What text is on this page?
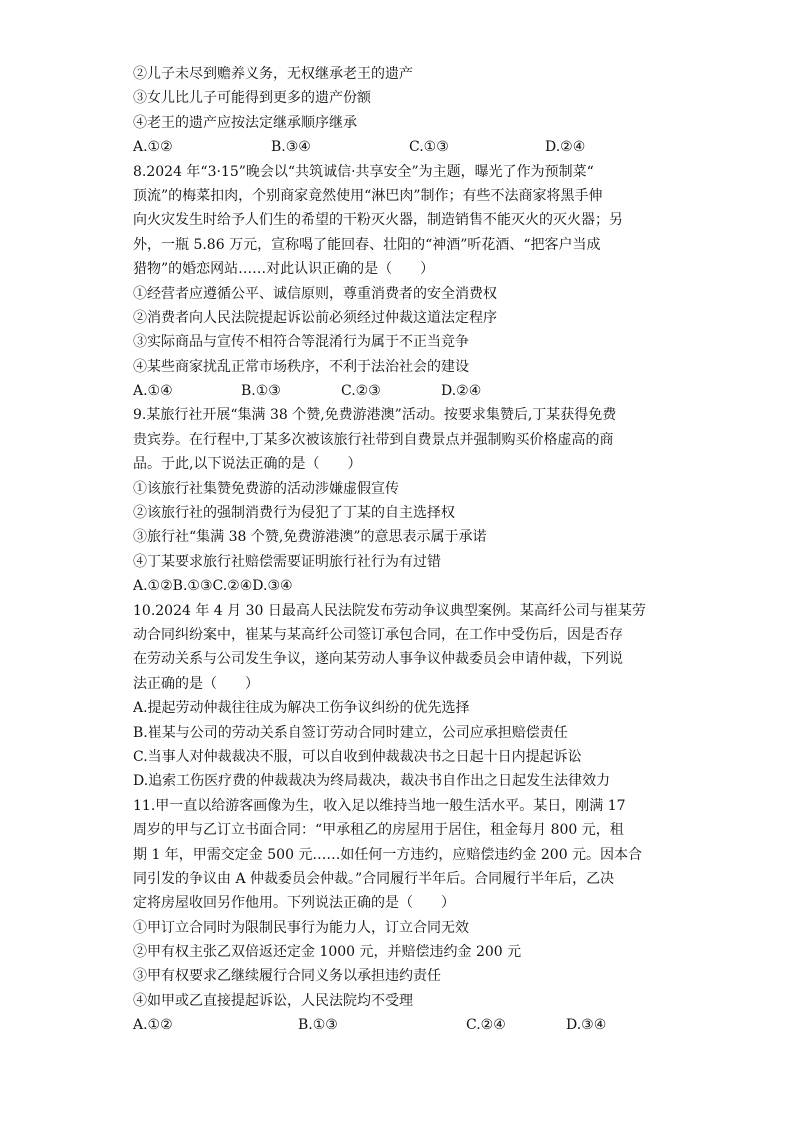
②儿子未尽到赡养义务，无权继承老王的遗产
③女儿比儿子可能得到更多的遗产份额
④老王的遗产应按法定继承顺序继承
A.①②	B.③④	C.①③	D.②④
8.2024 年“3·15”晚会以“共筑诚信·共享安全”为主题，曝光了作为预制菜“
顶流”的梅菜扣肉，个别商家竟然使用“淋巴肉”制作；有些不法商家将黑手伸
向火灾发生时给予人们生的希望的干粉灭火器，制造销售不能灭火的灭火器；另
外，一瓶 5.86 万元，宣称喝了能回春、壮阳的“神酒”听花酒、“把客户当成
猎物”的婚恋网站……对此认识正确的是（　　）
①经营者应遵循公平、诚信原则，尊重消费者的安全消费权
②消费者向人民法院提起诉讼前必须经过仲裁这道法定程序
③实际商品与宣传不相符合等混淆行为属于不正当竞争
④某些商家扰乱正常市场秩序，不利于法治社会的建设
A.①④	B.①③	C.②③	D.②④
9.某旅行社开展“集满 38 个赞,免费游港澳”活动。按要求集赞后,丁某获得免费
贵宾券。在行程中,丁某多次被该旅行社带到自费景点并强制购买价格虚高的商
品。于此,以下说法正确的是（　　）
①该旅行社集赞免费游的活动涉嫌虚假宣传
②该旅行社的强制消费行为侵犯了丁某的自主选择权
③旅行社“集满 38 个赞,免费游港澳”的意思表示属于承诺
④丁某要求旅行社赔偿需要证明旅行社行为有过错
A.①②B.①③C.②④D.③④
10.2024 年 4 月 30 日最高人民法院发布劳动争议典型案例。某高纤公司与崔某劳
动合同纠纷案中，崔某与某高纤公司签订承包合同，在工作中受伤后，因是否存
在劳动关系与公司发生争议，遂向某劳动人事争议仲裁委员会申请仲裁，下列说
法正确的是（　　）
A.提起劳动仲裁往往成为解决工伤争议纠纷的优先选择
B.崔某与公司的劳动关系自签订劳动合同时建立，公司应承担赔偿责任
C.当事人对仲裁裁决不服，可以自收到仲裁裁决书之日起十日内提起诉讼
D.追索工伤医疗费的仲裁裁决为终局裁决，裁决书自作出之日起发生法律效力
11.甲一直以给游客画像为生，收入足以维持当地一般生活水平。某日，刚满 17
周岁的甲与乙订立书面合同：“甲承租乙的房屋用于居住，租金每月 800 元，租
期 1 年，甲需交定金 500 元……如任何一方违约，应赔偿违约金 200 元。因本合
同引发的争议由 A 仲裁委员会仲裁。”合同履行半年后。合同履行半年后，乙决
定将房屋收回另作他用。下列说法正确的是（　　）
①甲订立合同时为限制民事行为能力人，订立合同无效
②甲有权主张乙双倍返还定金 1000 元，并赔偿违约金 200 元
③甲有权要求乙继续履行合同义务以承担违约责任
④如甲或乙直接提起诉讼，人民法院均不受理
A.①②	B.①③	C.②④	D.③④
